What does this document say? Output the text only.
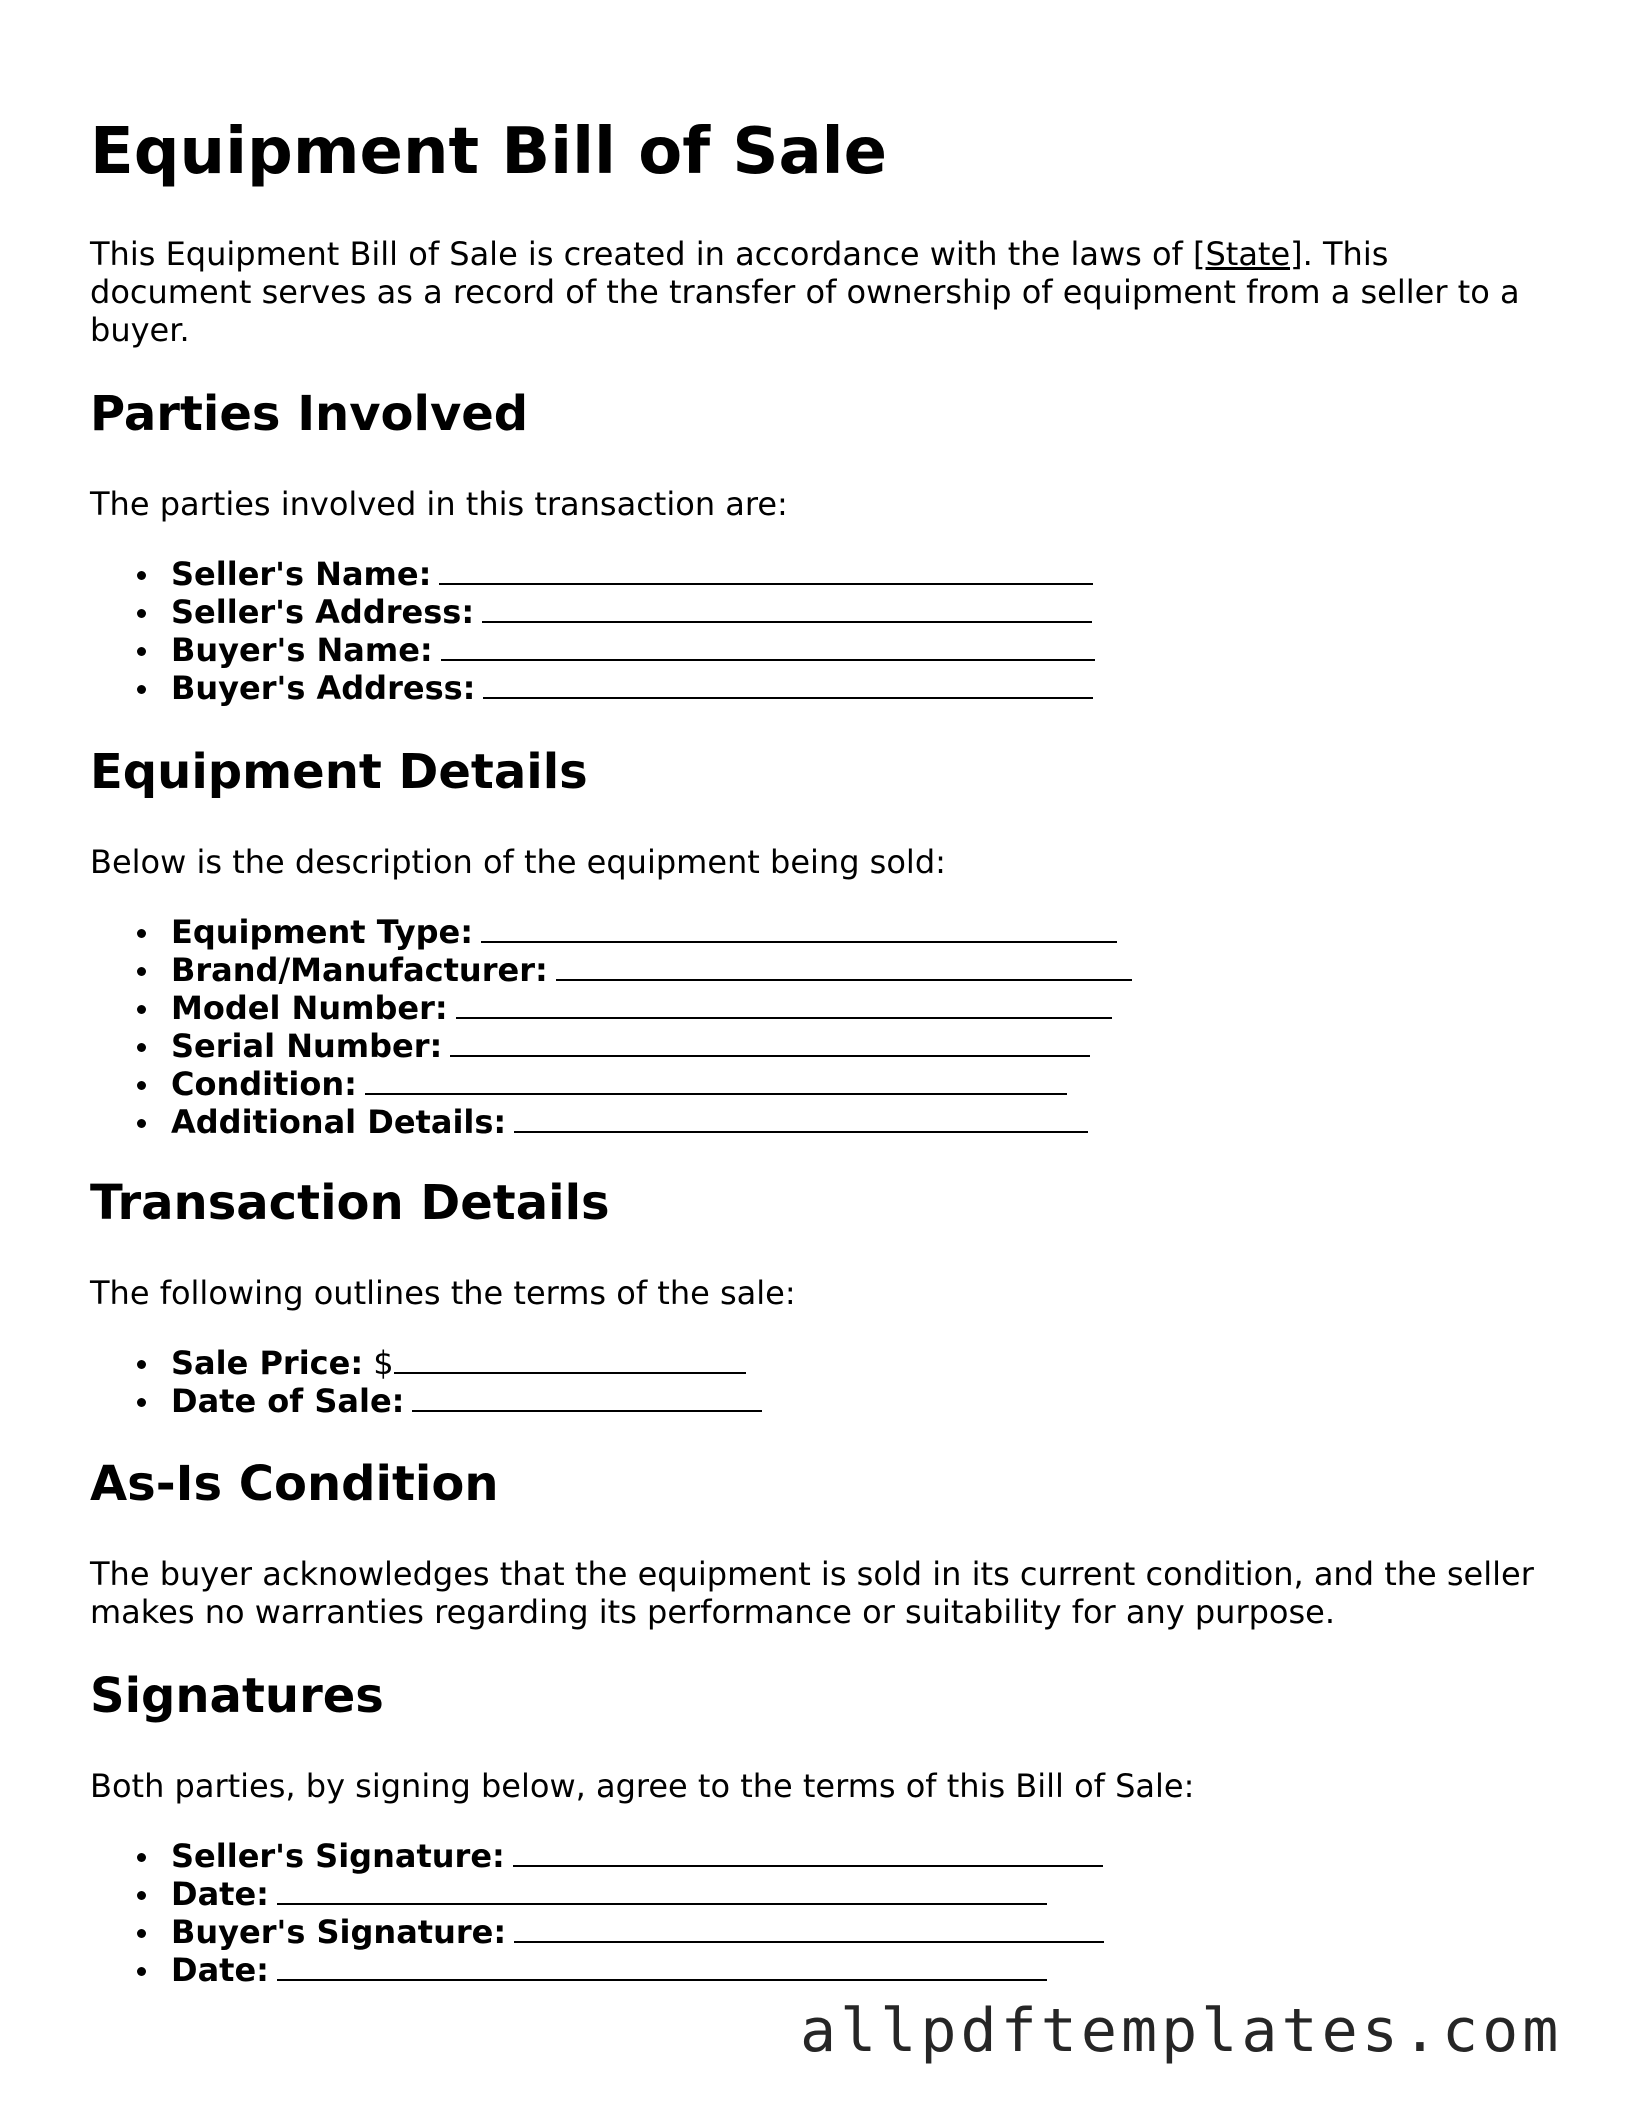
Equipment Bill of Sale

This Equipment Bill of Sale is created in accordance with the laws of [State]. This document serves as a record of the transfer of ownership of equipment from a seller to a buyer.

Parties Involved

The parties involved in this transaction are:

Seller's Name:
Seller's Address:
Buyer's Name:
Buyer's Address:
Equipment Details

Below is the description of the equipment being sold:

Equipment Type:
Brand/Manufacturer:
Model Number:
Serial Number:
Condition:
Additional Details:
Transaction Details

The following outlines the terms of the sale:

Sale Price: $
Date of Sale:
As-Is Condition

The buyer acknowledges that the equipment is sold in its current condition, and the seller makes no warranties regarding its performance or suitability for any purpose.

Signatures

Both parties, by signing below, agree to the terms of this Bill of Sale:

Seller's Signature:
Date:
Buyer's Signature:
Date:
allpdftemplates.com
